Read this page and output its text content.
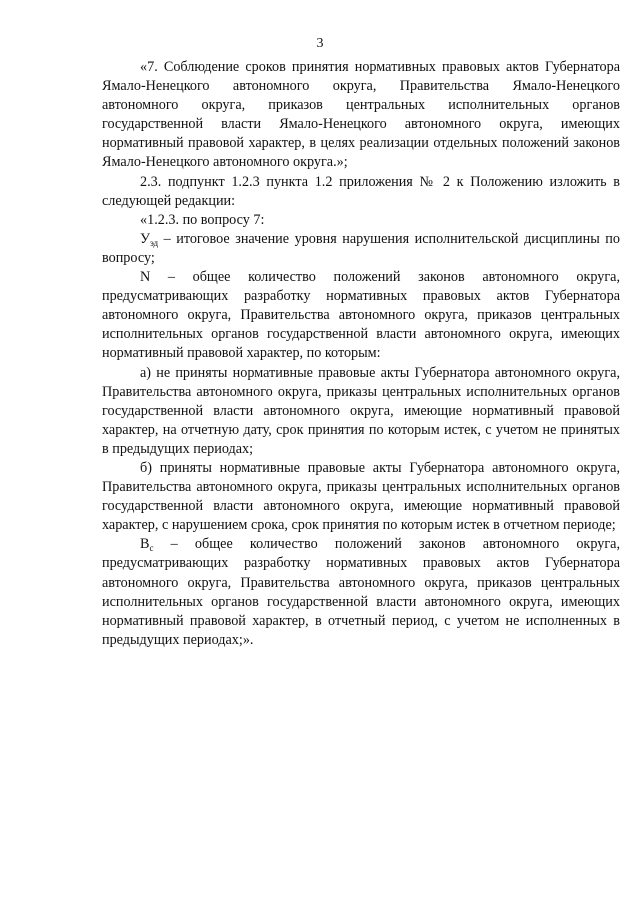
3

«7. Соблюдение сроков принятия нормативных правовых актов Губернатора Ямало-Ненецкого автономного округа, Правительства Ямало-Ненецкого автономного округа, приказов центральных исполнительных органов государственной власти Ямало-Ненецкого автономного округа, имеющих нормативный правовой характер, в целях реализации отдельных положений законов Ямало-Ненецкого автономного округа.»;

2.3. подпункт 1.2.3 пункта 1.2 приложения № 2 к Положению изложить в следующей редакции:

«1.2.3. по вопросу 7:

$У_{эд}$ – итоговое значение уровня нарушения исполнительской дисциплины по вопросу;

N – общее количество положений законов автономного округа, предусматривающих разработку нормативных правовых актов Губернатора автономного округа, Правительства автономного округа, приказов центральных исполнительных органов государственной власти автономного округа, имеющих нормативный правовой характер, по которым:

а) не приняты нормативные правовые акты Губернатора автономного округа, Правительства автономного округа, приказы центральных исполнительных органов государственной власти автономного округа, имеющие нормативный правовой характер, на отчетную дату, срок принятия по которым истек, с учетом не принятых в предыдущих периодах;

б) приняты нормативные правовые акты Губернатора автономного округа, Правительства автономного округа, приказы центральных исполнительных органов государственной власти автономного округа, имеющие нормативный правовой характер, с нарушением срока, срок принятия по которым истек в отчетном периоде;

$В_с$ – общее количество положений законов автономного округа, предусматривающих разработку нормативных правовых актов Губернатора автономного округа, Правительства автономного округа, приказов центральных исполнительных органов государственной власти автономного округа, имеющих нормативный правовой характер, в отчетный период, с учетом не исполненных в предыдущих периодах;».
